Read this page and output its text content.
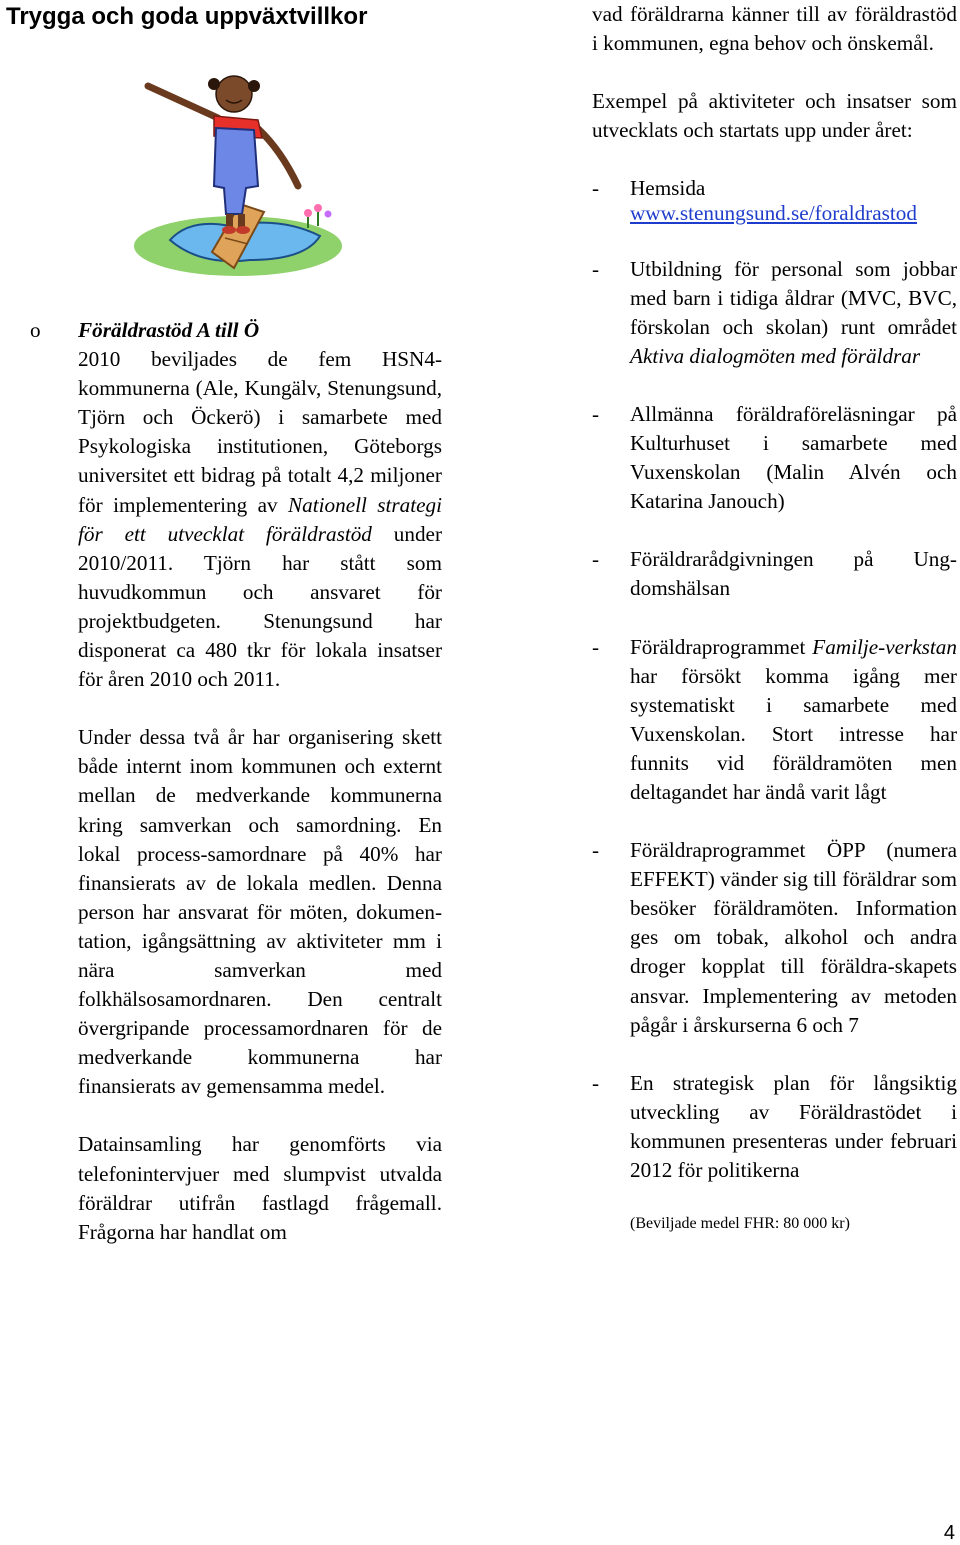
Trygga och goda uppväxtvillkor
o Föräldrastöd A till Ö

2010 beviljades de fem HSN4-kommunerna (Ale, Kungälv, Stenungsund, Tjörn och Öckerö) i samarbete med Psykologiska institutionen, Göteborgs universitet ett bidrag på totalt 4,2 miljoner för implementering av Nationell strategi för ett utvecklat föräldrastöd under 2010/2011. Tjörn har stått som huvudkommun och ansvaret för projektbudgeten. Stenungsund har disponerat ca 480 tkr för lokala insatser för åren 2010 och 2011.

Under dessa två år har organisering skett både internt inom kommunen och externt mellan de medverkande kommunerna kring samverkan och samordning. En lokal process-samordnare på 40% har finansierats av de lokala medlen. Denna person har ansvarat för möten, dokumen-tation, igångsättning av aktiviteter mm i nära samverkan med folkhälsosamordnaren. Den centralt övergripande processamordnaren för de medverkande kommunerna har finansierats av gemensamma medel.

Datainsamling har genomförts via telefonintervjuer med slumpvist utvalda föräldrar utifrån fastlagd frågemall. Frågorna har handlat om

vad föräldrarna känner till av föräldrastöd i kommunen, egna behov och önskemål.

Exempel på aktiviteter och insatser som utvecklats och startats upp under året:

- Hemsida
www.stenungsund.se/foraldrastod
- Utbildning för personal som jobbar med barn i tidiga åldrar (MVC, BVC, förskolan och skolan) runt området Aktiva dialogmöten med föräldrar
- Allmänna föräldraföreläsningar på Kulturhuset i samarbete med Vuxenskolan (Malin Alvén och Katarina Janouch)
- Föräldrarådgivningen på Ung-domshälsan
- Föräldraprogrammet Familje-verkstan har försökt komma igång mer systematiskt i samarbete med Vuxenskolan. Stort intresse har funnits vid föräldramöten men deltagandet har ändå varit lågt
- Föräldraprogrammet ÖPP (numera EFFEKT) vänder sig till föräldrar som besöker föräldramöten. Information ges om tobak, alkohol och andra droger kopplat till föräldra-skapets ansvar. Implementering av metoden pågår i årskurserna 6 och 7
- En strategisk plan för långsiktig utveckling av Föräldrastödet i kommunen presenteras under februari 2012 för politikerna
(Beviljade medel FHR: 80 000 kr)
4
